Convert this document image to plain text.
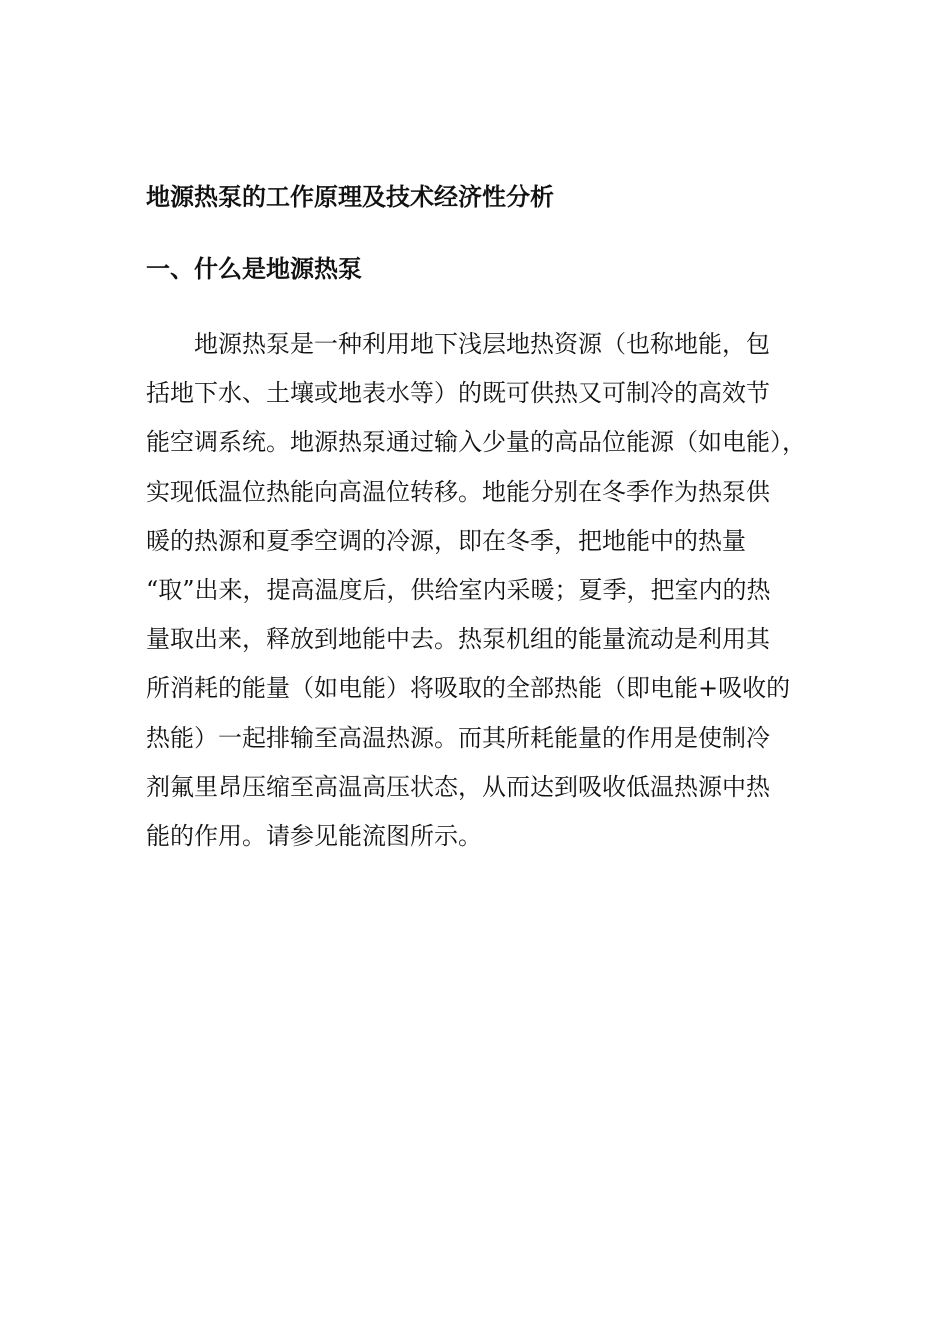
地源热泵的工作原理及技术经济性分析
一、什么是地源热泵
地源热泵是一种利用地下浅层地热资源（也称地能，包
括地下水、土壤或地表水等）的既可供热又可制冷的高效节
能空调系统。地源热泵通过输入少量的高品位能源（如电能），
实现低温位热能向高温位转移。地能分别在冬季作为热泵供
暖的热源和夏季空调的冷源，即在冬季，把地能中的热量
“取”出来，提高温度后，供给室内采暖；夏季，把室内的热
量取出来，释放到地能中去。热泵机组的能量流动是利用其
所消耗的能量（如电能）将吸取的全部热能（即电能+吸收的
热能）一起排输至高温热源。而其所耗能量的作用是使制冷
剂氟里昂压缩至高温高压状态，从而达到吸收低温热源中热
能的作用。请参见能流图所示。
